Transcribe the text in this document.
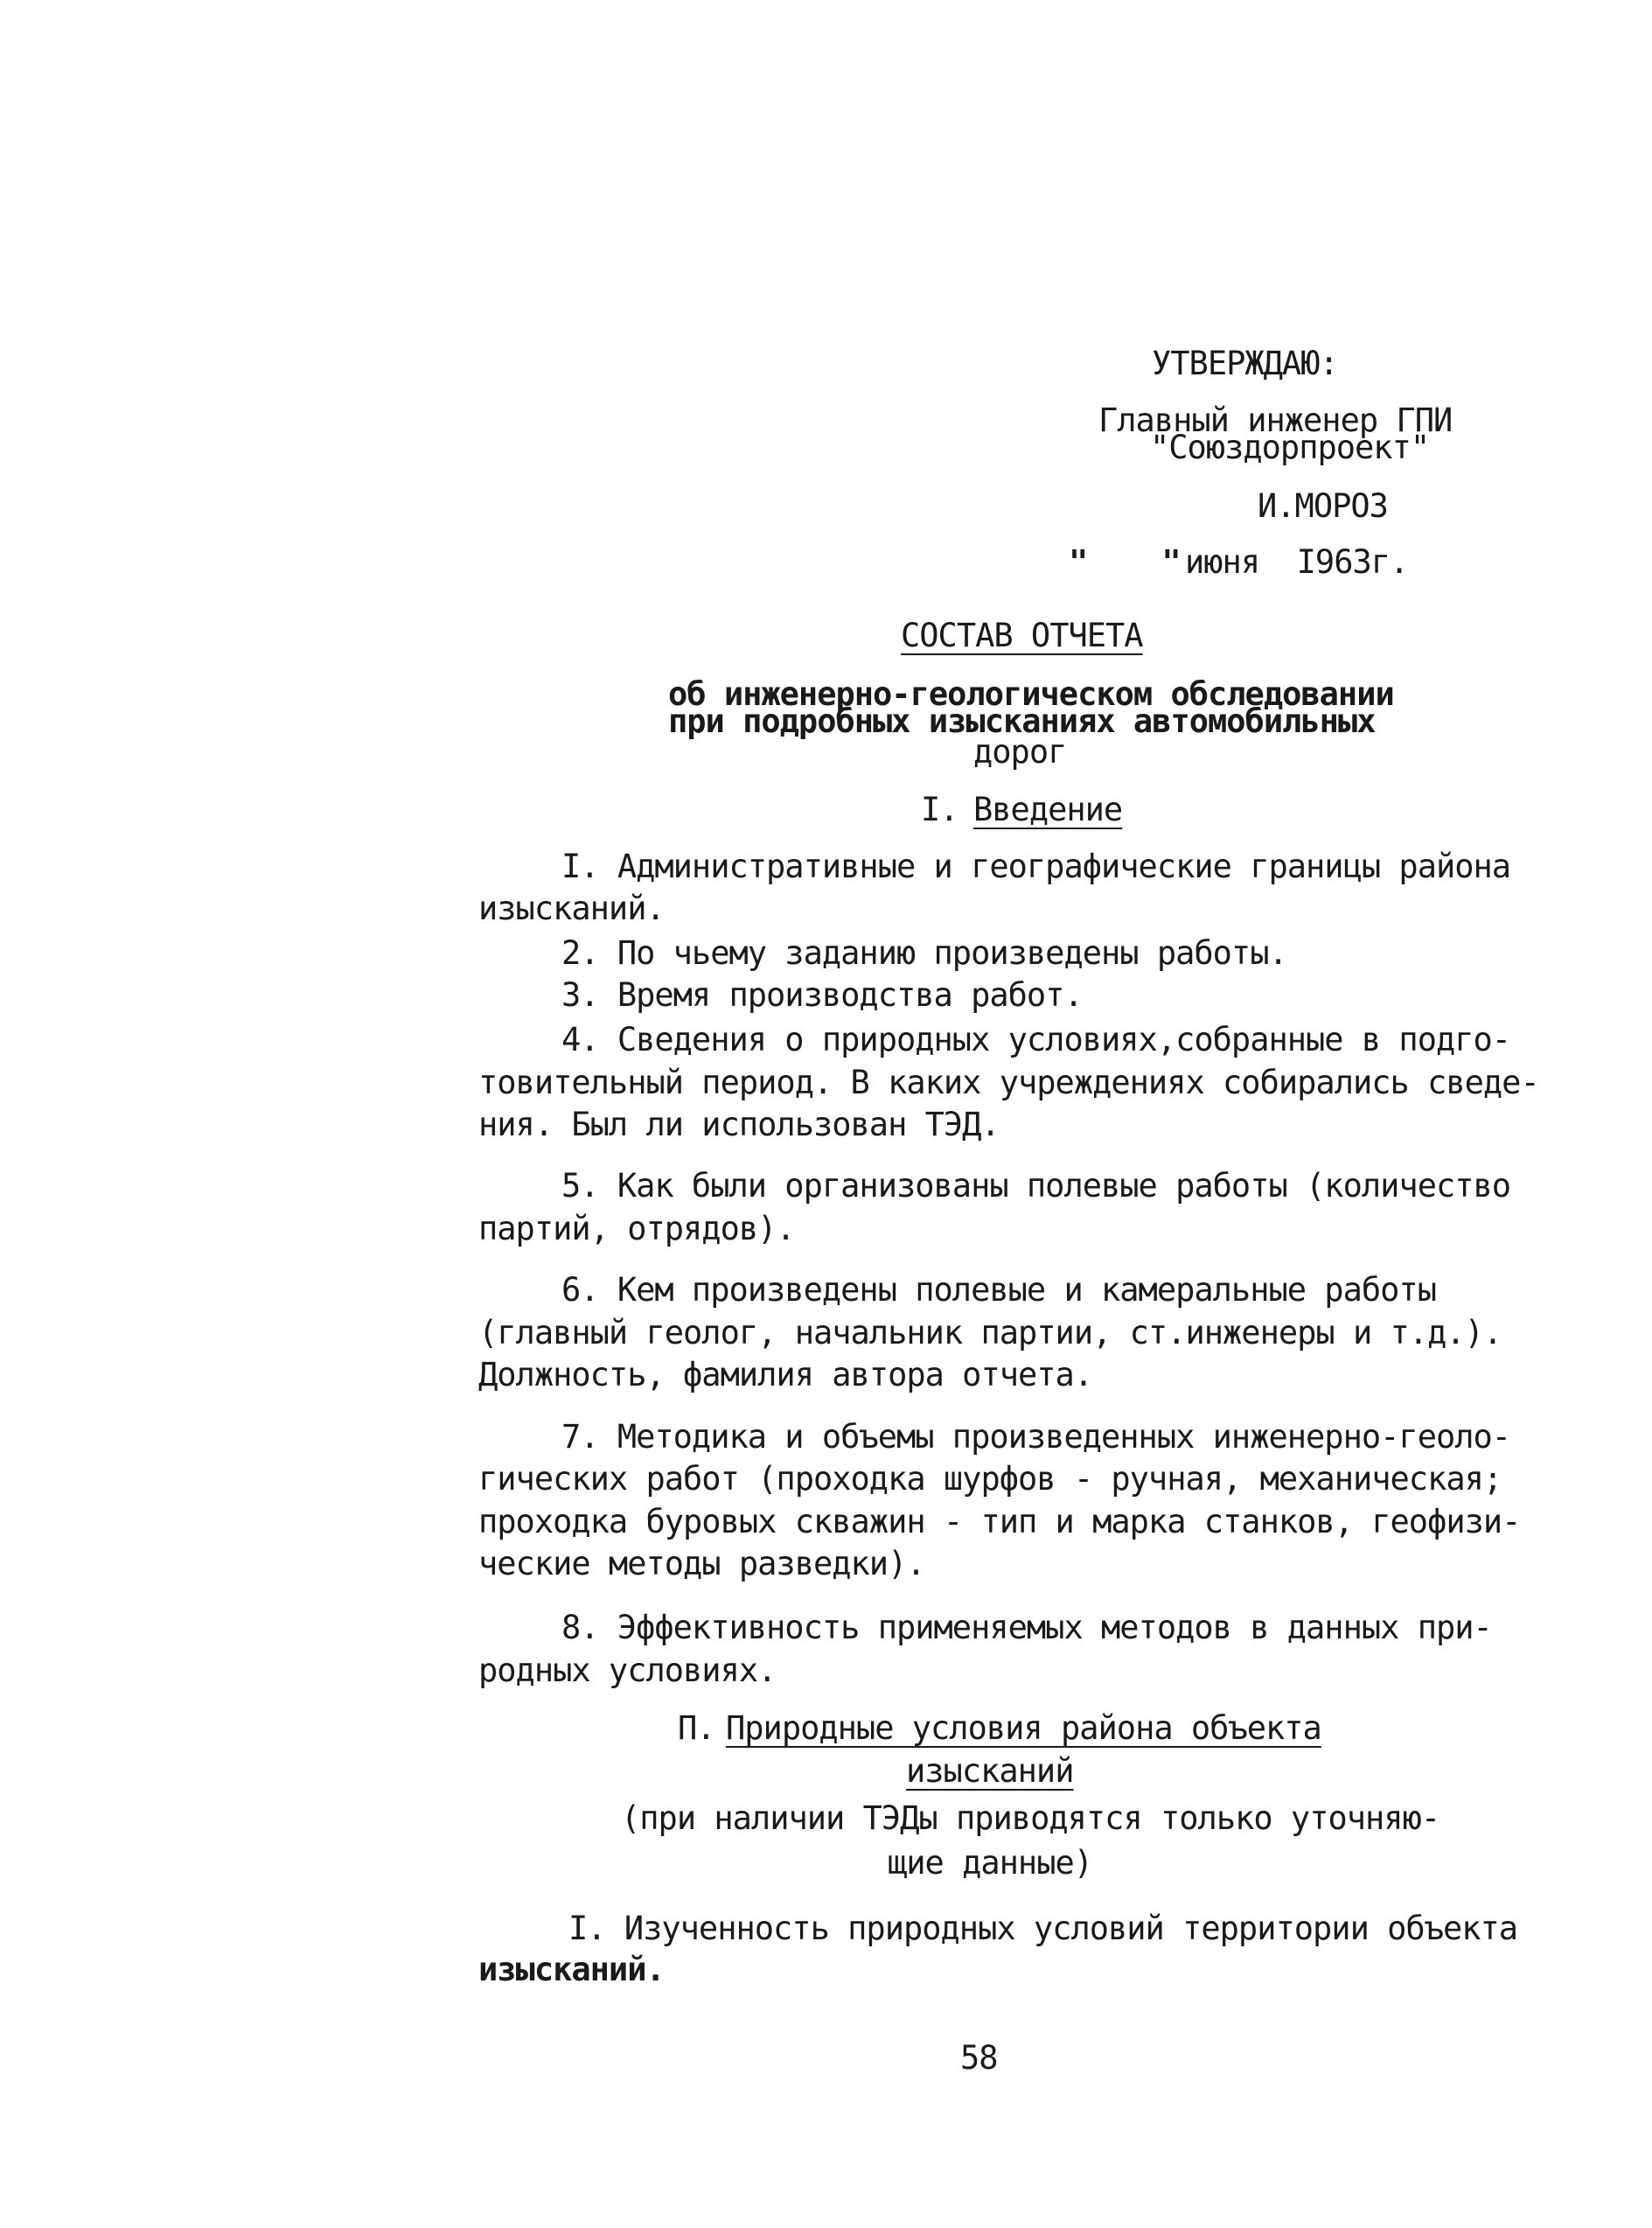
УТВЕРЖДАЮ:
Главный инженер ГПИ
"Союздорпроект"
И.МОРОЗ
"    " июня  I963г.
СОСТАВ ОТЧЕТА
об инженерно-геологическом обследовании
при подробных изысканиях автомобильных
дорог
I. Введение
I. Административные и географические границы района
изысканий.
2. По чьему заданию произведены работы.
3. Время производства работ.
4. Сведения о природных условиях,собранные в подго-
товительный период. В каких учреждениях собирались сведе-
ния. Был ли использован ТЭД.
5. Как были организованы полевые работы (количество
партий, отрядов).
6. Кем произведены полевые и камеральные работы
(главный геолог, начальник партии, ст.инженеры и т.д.).
Должность, фамилия автора отчета.
7. Методика и объемы произведенных инженерно-геоло-
гических работ (проходка шурфов - ручная, механическая;
проходка буровых скважин - тип и марка станков, геофизи-
ческие методы разведки).
8. Эффективность применяемых методов в данных при-
родных условиях.
П. Природные условия района объекта
изысканий
(при наличии ТЭДы приводятся только уточняю-
щие данные)
I. Изученность природных условий территории объекта
изысканий.
58
